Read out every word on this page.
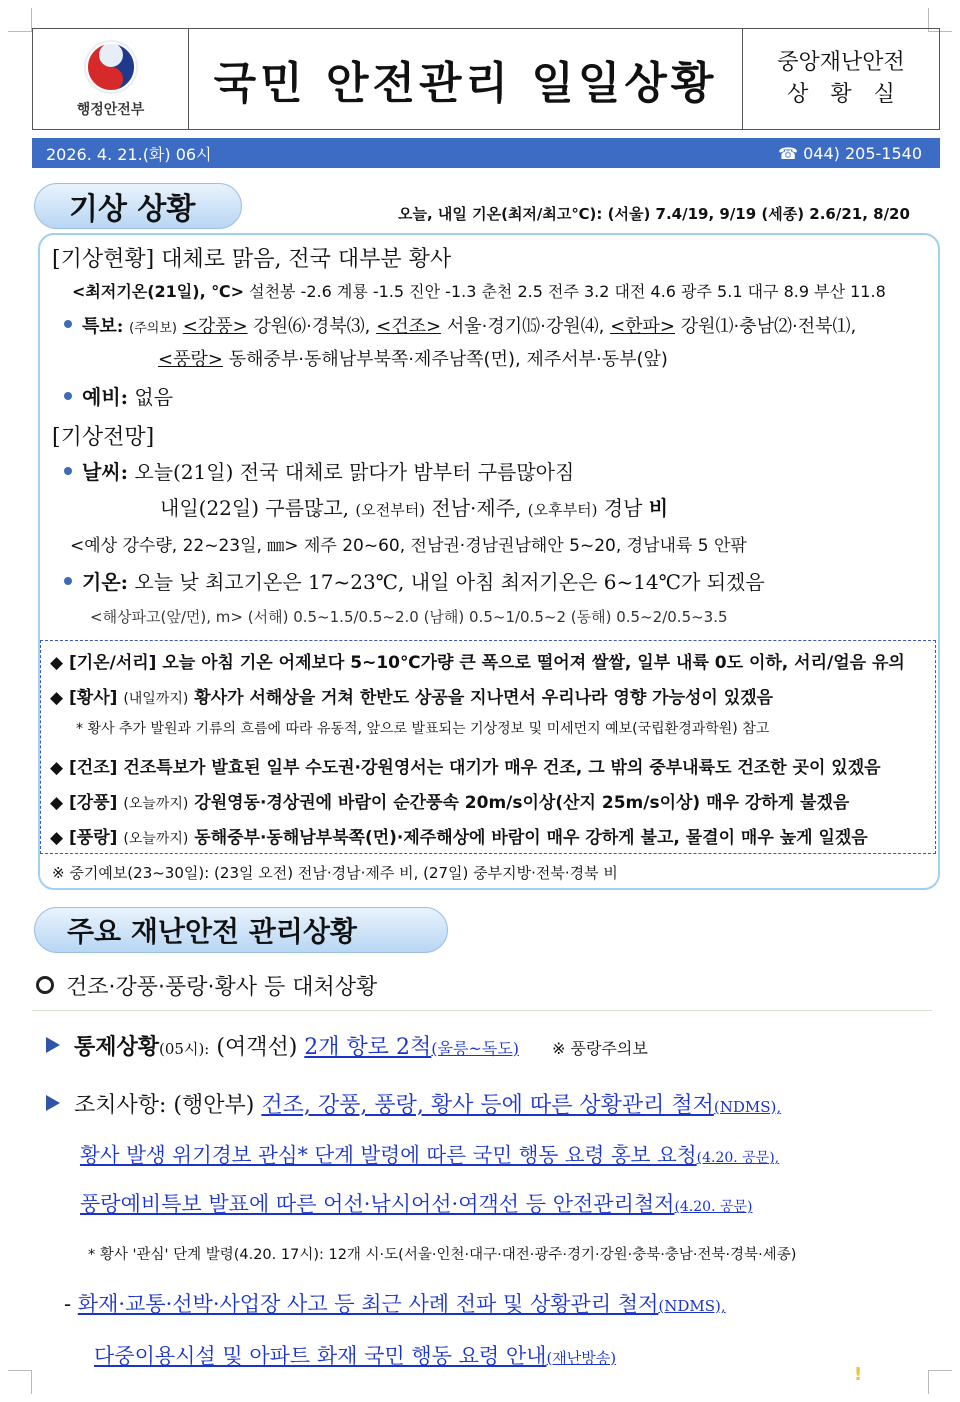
행정안전부
국민 안전관리 일일상황	중앙재난안전
상황실
2026. 4. 21.(화) 06시	☎ 044) 205-1540
기상 상황	오늘, 내일 기온(최저/최고℃): (서울) 7.4/19, 9/19 (세종) 2.6/21, 8/20
[기상현황] 대체로 맑음, 전국 대부분 황사
<최저기온(21일), ℃> 설천봉 -2.6 계룡 -1.5 진안 -1.3 춘천 2.5 전주 3.2 대전 4.6 광주 5.1 대구 8.9 부산 11.8
특보: (주의보) <강풍> 강원⑹·경북⑶, <건조> 서울·경기⒂·강원⑷, <한파> 강원⑴·충남⑵·전북⑴,
<풍랑> 동해중부·동해남부북쪽·제주남쪽(먼), 제주서부·동부(앞)
예비: 없음
[기상전망]
날씨: 오늘(21일) 전국 대체로 맑다가 밤부터 구름많아짐
내일(22일) 구름많고, (오전부터) 전남·제주, (오후부터) 경남 비
<예상 강수량, 22~23일, ㎜> 제주 20~60, 전남권·경남권남해안 5~20, 경남내륙 5 안팎
기온: 오늘 낮 최고기온은 17~23℃, 내일 아침 최저기온은 6~14℃가 되겠음
<해상파고(앞/먼), m> (서해) 0.5~1.5/0.5~2.0 (남해) 0.5~1/0.5~2 (동해) 0.5~2/0.5~3.5
◆ [기온/서리] 오늘 아침 기온 어제보다 5~10℃가량 큰 폭으로 떨어져 쌀쌀, 일부 내륙 0도 이하, 서리/얼음 유의
◆ [황사] (내일까지) 황사가 서해상을 거쳐 한반도 상공을 지나면서 우리나라 영향 가능성이 있겠음
* 황사 추가 발원과 기류의 흐름에 따라 유동적, 앞으로 발표되는 기상정보 및 미세먼지 예보(국립환경과학원) 참고
◆ [건조] 건조특보가 발효된 일부 수도권·강원영서는 대기가 매우 건조, 그 밖의 중부내륙도 건조한 곳이 있겠음
◆ [강풍] (오늘까지) 강원영동·경상권에 바람이 순간풍속 20m/s이상(산지 25m/s이상) 매우 강하게 불겠음
◆ [풍랑] (오늘까지) 동해중부·동해남부북쪽(먼)·제주해상에 바람이 매우 강하게 불고, 물결이 매우 높게 일겠음
※ 중기예보(23~30일): (23일 오전) 전남·경남·제주 비, (27일) 중부지방·전북·경북 비
주요 재난안전 관리상황
건조·강풍·풍랑·황사 등 대처상황
통제상황(05시): (여객선) 2개 항로 2척(울릉~독도) ※ 풍랑주의보
조치사항: (행안부) 건조, 강풍, 풍랑, 황사 등에 따른 상황관리 철저(NDMS),
황사 발생 위기경보 관심* 단계 발령에 따른 국민 행동 요령 홍보 요청(4.20. 공문),
풍랑예비특보 발표에 따른 어선·낚시어선·여객선 등 안전관리철저(4.20. 공문)
* 황사 '관심' 단계 발령(4.20. 17시): 12개 시·도(서울·인천·대구·대전·광주·경기·강원·충북·충남·전북·경북·세종)
- 화재·교통·선박·사업장 사고 등 최근 사례 전파 및 상황관리 철저(NDMS),
다중이용시설 및 아파트 화재 국민 행동 요령 안내(재난방송)
!
